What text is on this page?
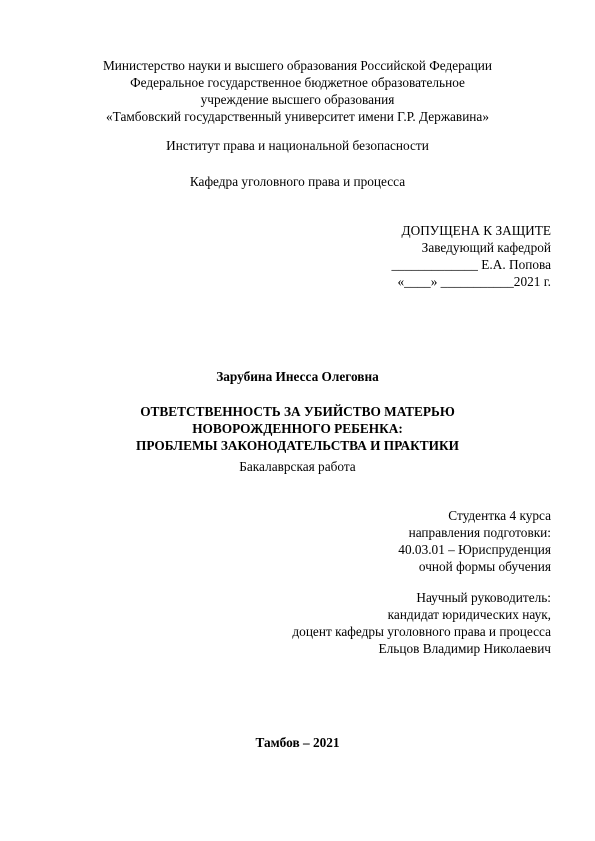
Министерство науки и высшего образования Российской Федерации
Федеральное государственное бюджетное образовательное
учреждение высшего образования
«Тамбовский государственный университет имени Г.Р. Державина»
Институт права и национальной безопасности
Кафедра уголовного права и процесса
ДОПУЩЕНА К ЗАЩИТЕ
Заведующий кафедрой
_____________ Е.А. Попова
«____» ___________2021 г.
Зарубина Инесса Олеговна
ОТВЕТСТВЕННОСТЬ ЗА УБИЙСТВО МАТЕРЬЮ
НОВОРОЖДЕННОГО РЕБЕНКА:
ПРОБЛЕМЫ ЗАКОНОДАТЕЛЬСТВА И ПРАКТИКИ
Бакалаврская работа
Студентка 4 курса
направления подготовки:
40.03.01 – Юриспруденция
очной формы обучения
Научный руководитель:
кандидат юридических наук,
доцент кафедры уголовного права и процесса
Ельцов Владимир Николаевич
Тамбов – 2021
